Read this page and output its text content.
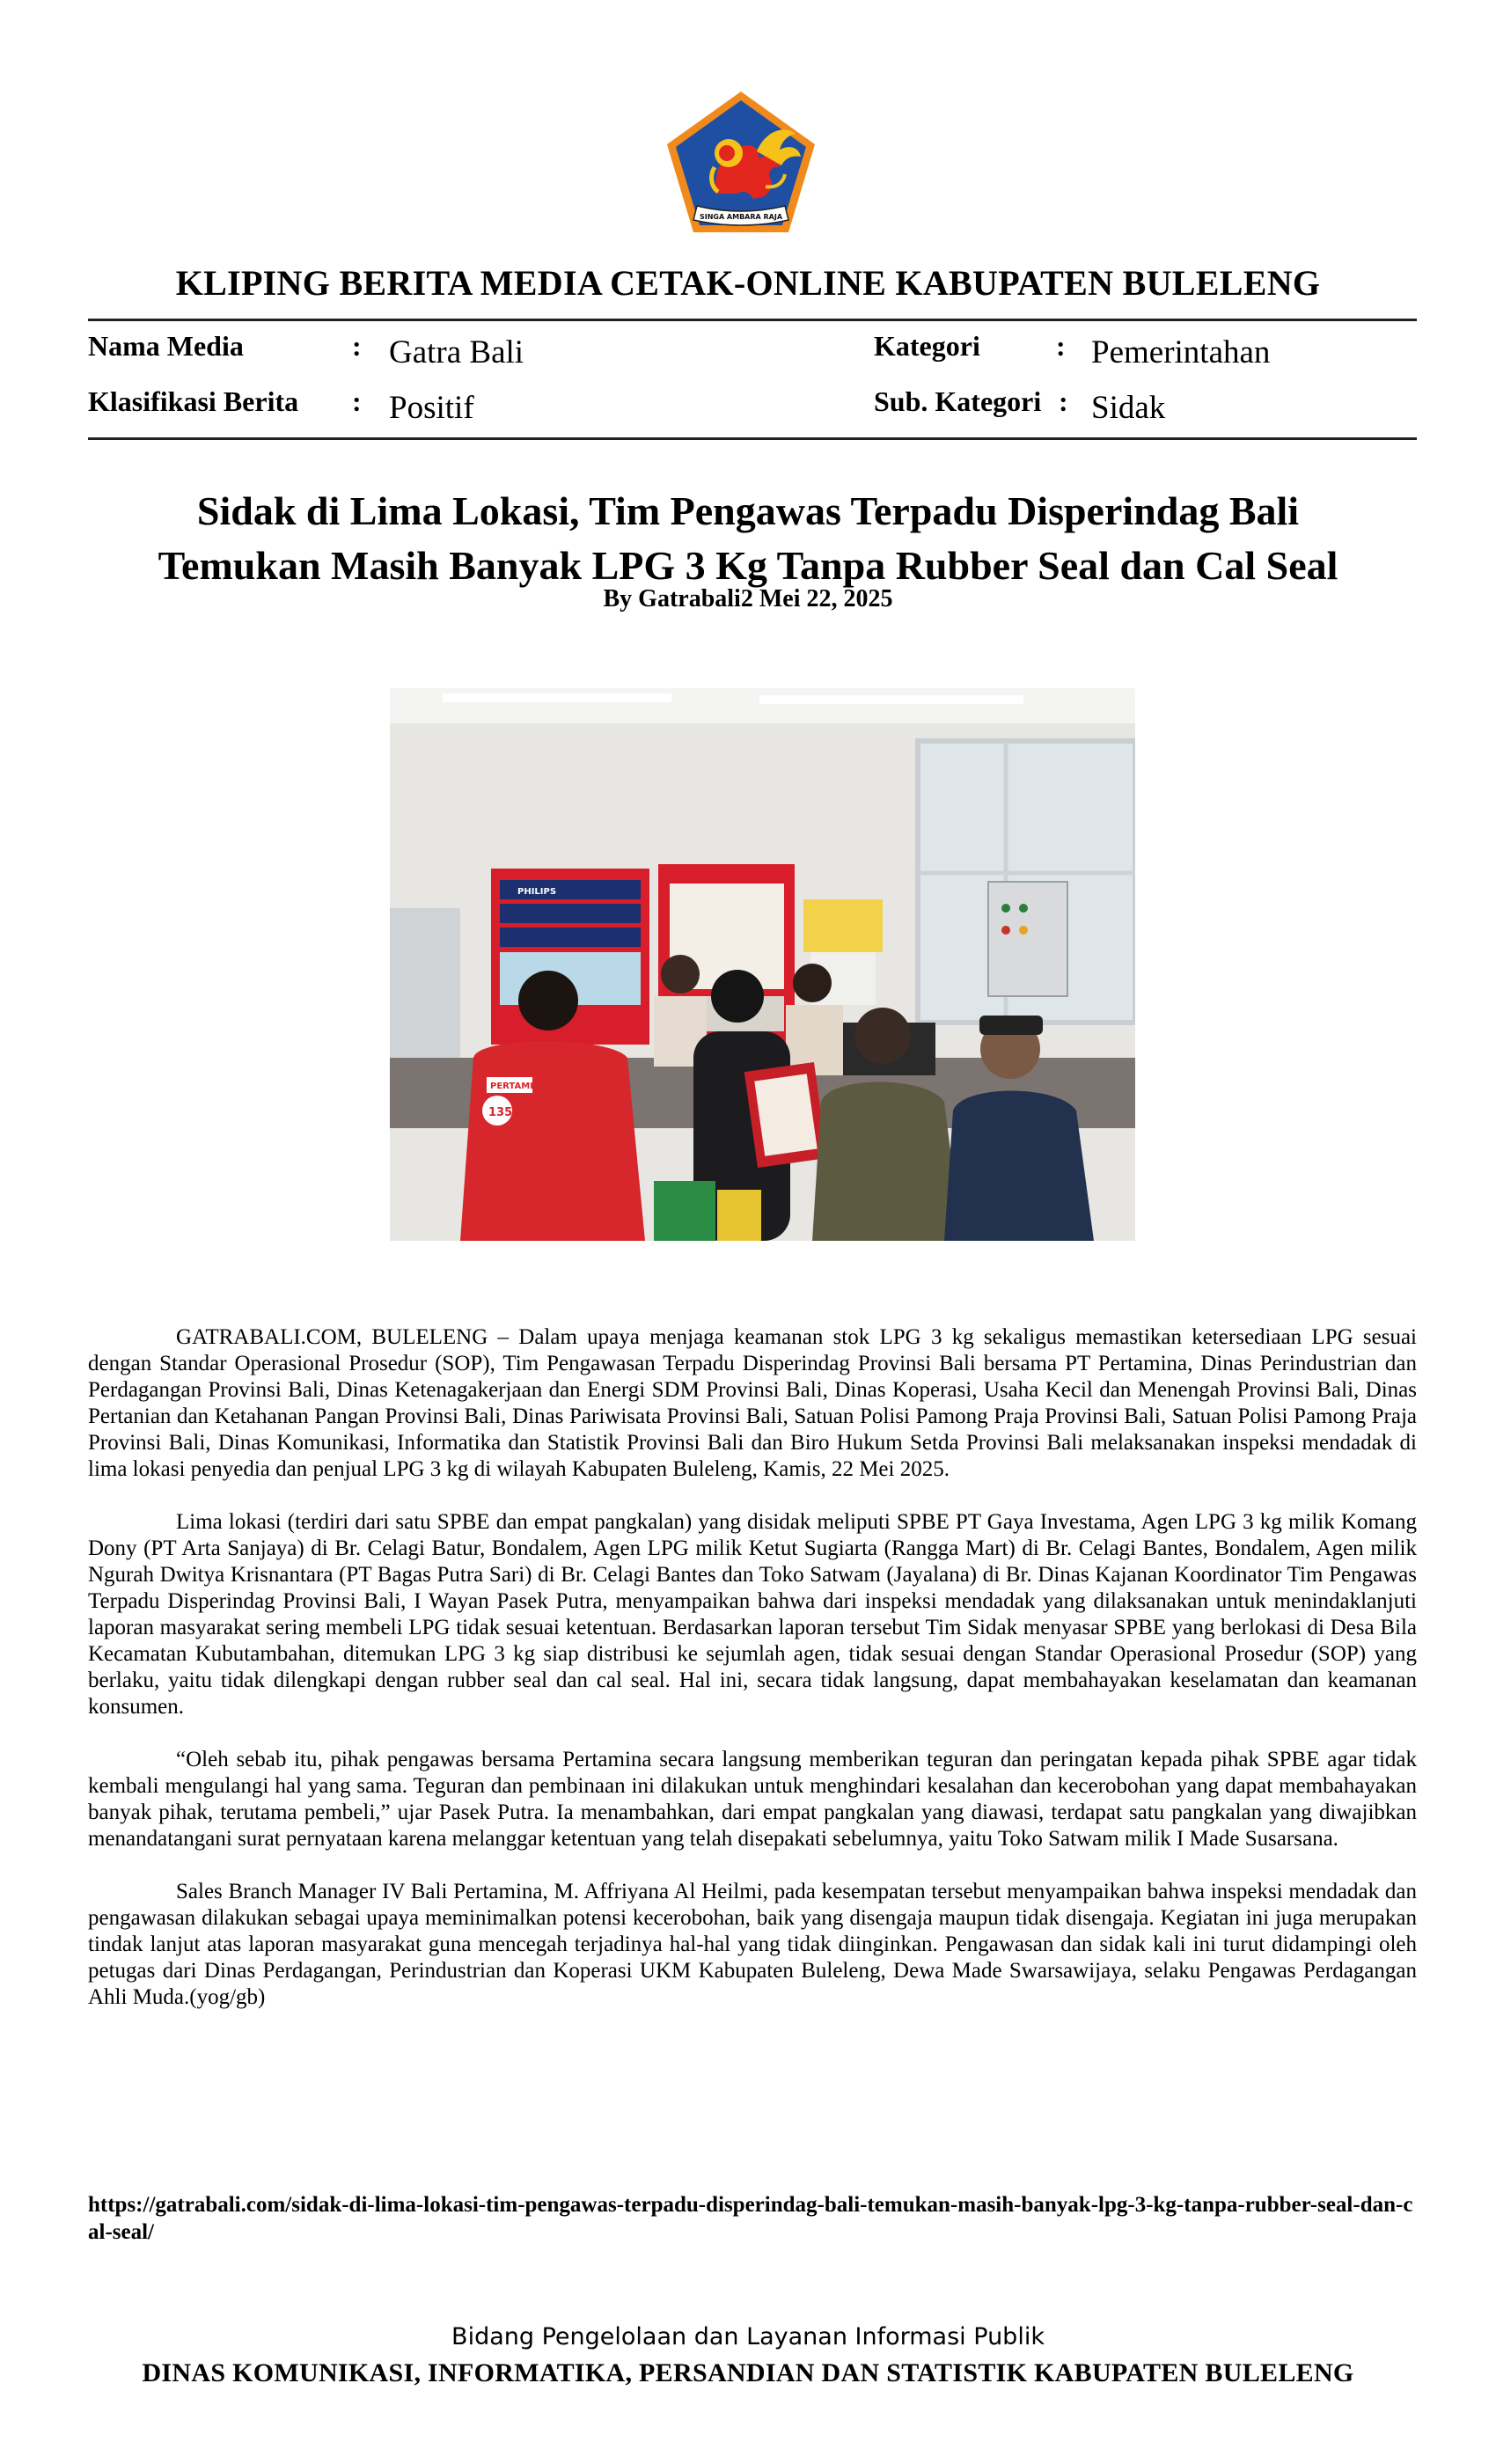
SINGA AMBARA RAJA
KLIPING BERITA MEDIA CETAK-ONLINE KABUPATEN BULELENG
Nama Media	: Gatra Bali
Klasifikasi Berita : Positif
Kategori	: Pemerintahan
Sub. Kategori : Sidak
Sidak di Lima Lokasi, Tim Pengawas Terpadu Disperindag Bali
Temukan Masih Banyak LPG 3 Kg Tanpa Rubber Seal dan Cal Seal
By Gatrabali2 Mei 22, 2025
PHILIPS
PERTAMINA
135

GATRABALI.COM, BULELENG – Dalam upaya menjaga keamanan stok LPG 3 kg sekaligus memastikan ketersediaan LPG sesuai dengan Standar Operasional Prosedur (SOP), Tim Pengawasan Terpadu Disperindag Provinsi Bali bersama PT Pertamina, Dinas Perindustrian dan Perdagangan Provinsi Bali, Dinas Ketenagakerjaan dan Energi SDM Provinsi Bali, Dinas Koperasi, Usaha Kecil dan Menengah Provinsi Bali, Dinas Pertanian dan Ketahanan Pangan Provinsi Bali, Dinas Pariwisata Provinsi Bali, Satuan Polisi Pamong Praja Provinsi Bali, Satuan Polisi Pamong Praja Provinsi Bali, Dinas Komunikasi, Informatika dan Statistik Provinsi Bali dan Biro Hukum Setda Provinsi Bali melaksanakan inspeksi mendadak di lima lokasi penyedia dan penjual LPG 3 kg di wilayah Kabupaten Buleleng, Kamis, 22 Mei 2025.

Lima lokasi (terdiri dari satu SPBE dan empat pangkalan) yang disidak meliputi SPBE PT Gaya Investama, Agen LPG 3 kg milik Komang Dony (PT Arta Sanjaya) di Br. Celagi Batur, Bondalem, Agen LPG milik Ketut Sugiarta (Rangga Mart) di Br. Celagi Bantes, Bondalem, Agen milik Ngurah Dwitya Krisnantara (PT Bagas Putra Sari) di Br. Celagi Bantes dan Toko Satwam (Jayalana) di Br. Dinas Kajanan Koordinator Tim Pengawas Terpadu Disperindag Provinsi Bali, I Wayan Pasek Putra, menyampaikan bahwa dari inspeksi mendadak yang dilaksanakan untuk menindaklanjuti laporan masyarakat sering membeli LPG tidak sesuai ketentuan. Berdasarkan laporan tersebut Tim Sidak menyasar SPBE yang berlokasi di Desa Bila Kecamatan Kubutambahan, ditemukan LPG 3 kg siap distribusi ke sejumlah agen, tidak sesuai dengan Standar Operasional Prosedur (SOP) yang berlaku, yaitu tidak dilengkapi dengan rubber seal dan cal seal. Hal ini, secara tidak langsung, dapat membahayakan keselamatan dan keamanan konsumen.

“Oleh sebab itu, pihak pengawas bersama Pertamina secara langsung memberikan teguran dan peringatan kepada pihak SPBE agar tidak kembali mengulangi hal yang sama. Teguran dan pembinaan ini dilakukan untuk menghindari kesalahan dan kecerobohan yang dapat membahayakan banyak pihak, terutama pembeli,” ujar Pasek Putra. Ia menambahkan, dari empat pangkalan yang diawasi, terdapat satu pangkalan yang diwajibkan menandatangani surat pernyataan karena melanggar ketentuan yang telah disepakati sebelumnya, yaitu Toko Satwam milik I Made Susarsana.

Sales Branch Manager IV Bali Pertamina, M. Affriyana Al Heilmi, pada kesempatan tersebut menyampaikan bahwa inspeksi mendadak dan pengawasan dilakukan sebagai upaya meminimalkan potensi kecerobohan, baik yang disengaja maupun tidak disengaja. Kegiatan ini juga merupakan tindak lanjut atas laporan masyarakat guna mencegah terjadinya hal-hal yang tidak diinginkan. Pengawasan dan sidak kali ini turut didampingi oleh petugas dari Dinas Perdagangan, Perindustrian dan Koperasi UKM Kabupaten Buleleng, Dewa Made Swarsawijaya, selaku Pengawas Perdagangan Ahli Muda.(yog/gb)

https://gatrabali.com/sidak-di-lima-lokasi-tim-pengawas-terpadu-disperindag-bali-temukan-masih-banyak-lpg-3-kg-tanpa-rubber-seal-dan-cal-seal/
Bidang Pengelolaan dan Layanan Informasi Publik
DINAS KOMUNIKASI, INFORMATIKA, PERSANDIAN DAN STATISTIK KABUPATEN BULELENG
